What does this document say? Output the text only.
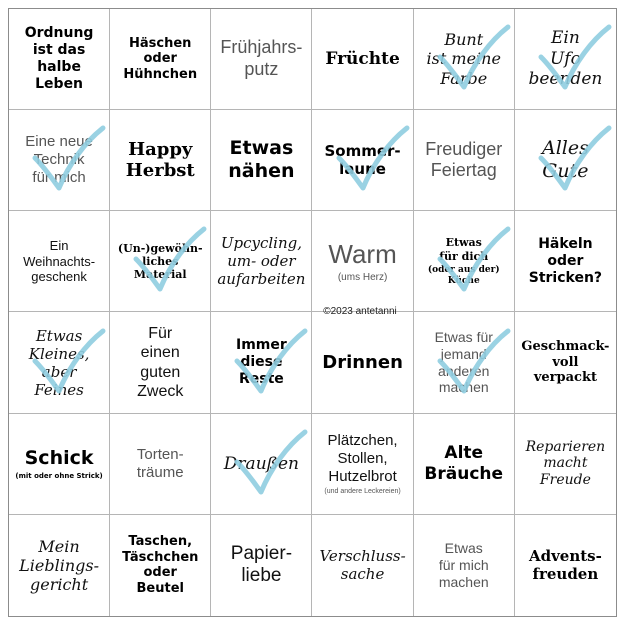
Ordnung
ist das
halbe
Leben
Häschen
oder
Hühnchen
Frühjahrs-
putz
Früchte
Bunt
ist meine
Farbe
Ein
Ufo
beenden
Eine neue
Technik
für mich
Happy
Herbst
Etwas
nähen
Sommer-
laune
Freudiger
Feiertag
Alles
Gute
Ein
Weihnachts-
geschenk
(Un-)gewöhn-
liches
Material
Upcycling,
um- oder
aufarbeiten
Warm
(ums Herz)
Etwas
für dich
(oder aus der)
Küche
Häkeln
oder
Stricken?
Etwas
Kleines,
aber
Feines
Für
einen
guten
Zweck
Immer
diese
Reste
Drinnen
Etwas für
jemand
anderen
machen
Geschmack-
voll
verpackt
Schick
(mit oder ohne Strick)
Torten-
träume Draußen
Plätzchen,
Stollen,
Hutzelbrot
(und andere Leckereien)
Alte
Bräuche
Reparieren
macht
Freude
Mein
Lieblings-
gericht
Taschen,
Täschchen
oder
Beutel
Papier-
liebe
Verschluss-
sache
Etwas
für mich
machen
Advents-
freuden
©2023 antetanni
